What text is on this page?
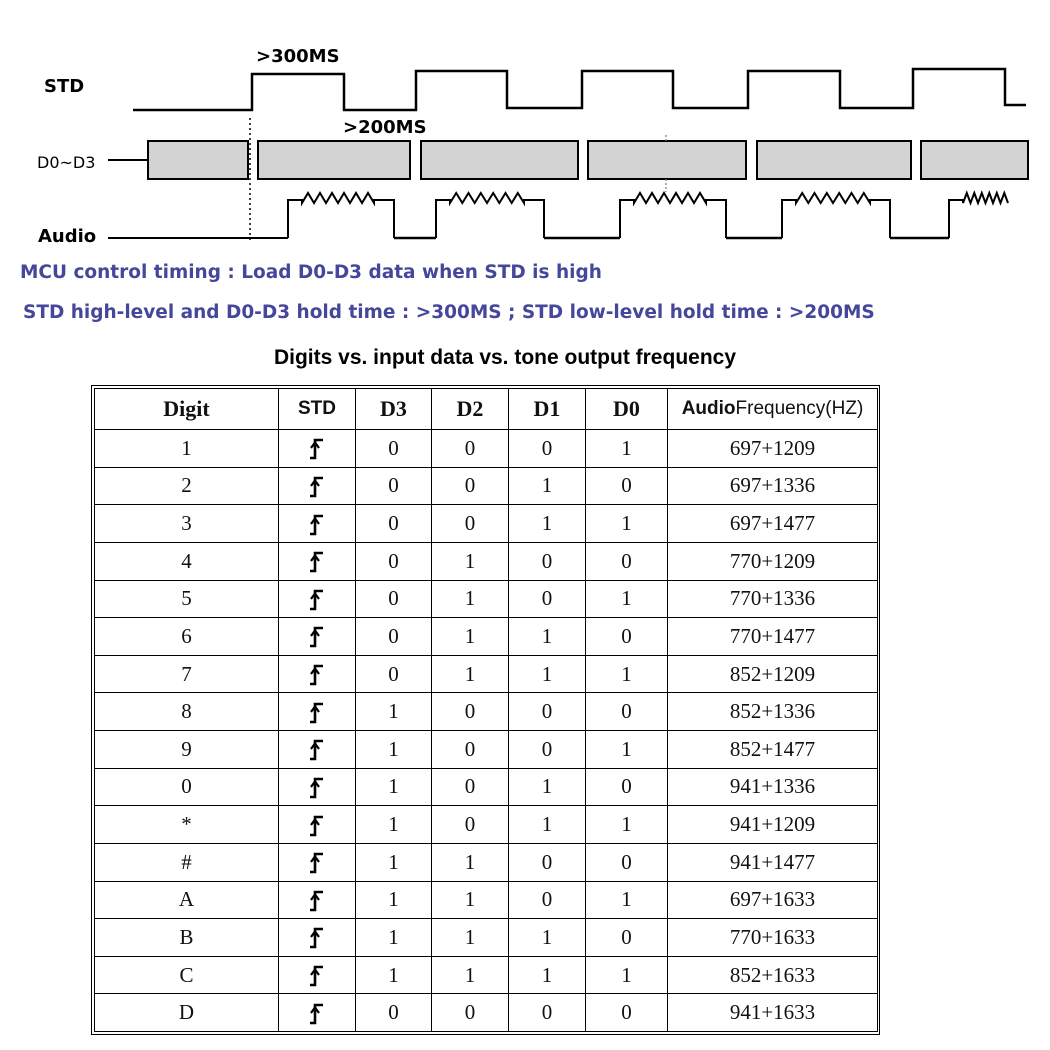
STD
D0~D3
Audio
>300MS
>200MS

MCU control timing : Load D0-D3 data when STD is high

STD high-level and D0-D3 hold time : >300MS ; STD low-level hold time : >200MS

Digits vs. input data vs. tone output frequency

Digit	STD	D3	D2	D1	D0	AudioFrequency(HZ)
1		0	0	0	1	697+1209
2		0	0	1	0	697+1336
3		0	0	1	1	697+1477
4		0	1	0	0	770+1209
5		0	1	0	1	770+1336
6		0	1	1	0	770+1477
7		0	1	1	1	852+1209
8		1	0	0	0	852+1336
9		1	0	0	1	852+1477
0		1	0	1	0	941+1336
*		1	0	1	1	941+1209
#		1	1	0	0	941+1477
A		1	1	0	1	697+1633
B		1	1	1	0	770+1633
C		1	1	1	1	852+1633
D		0	0	0	0	941+1633
